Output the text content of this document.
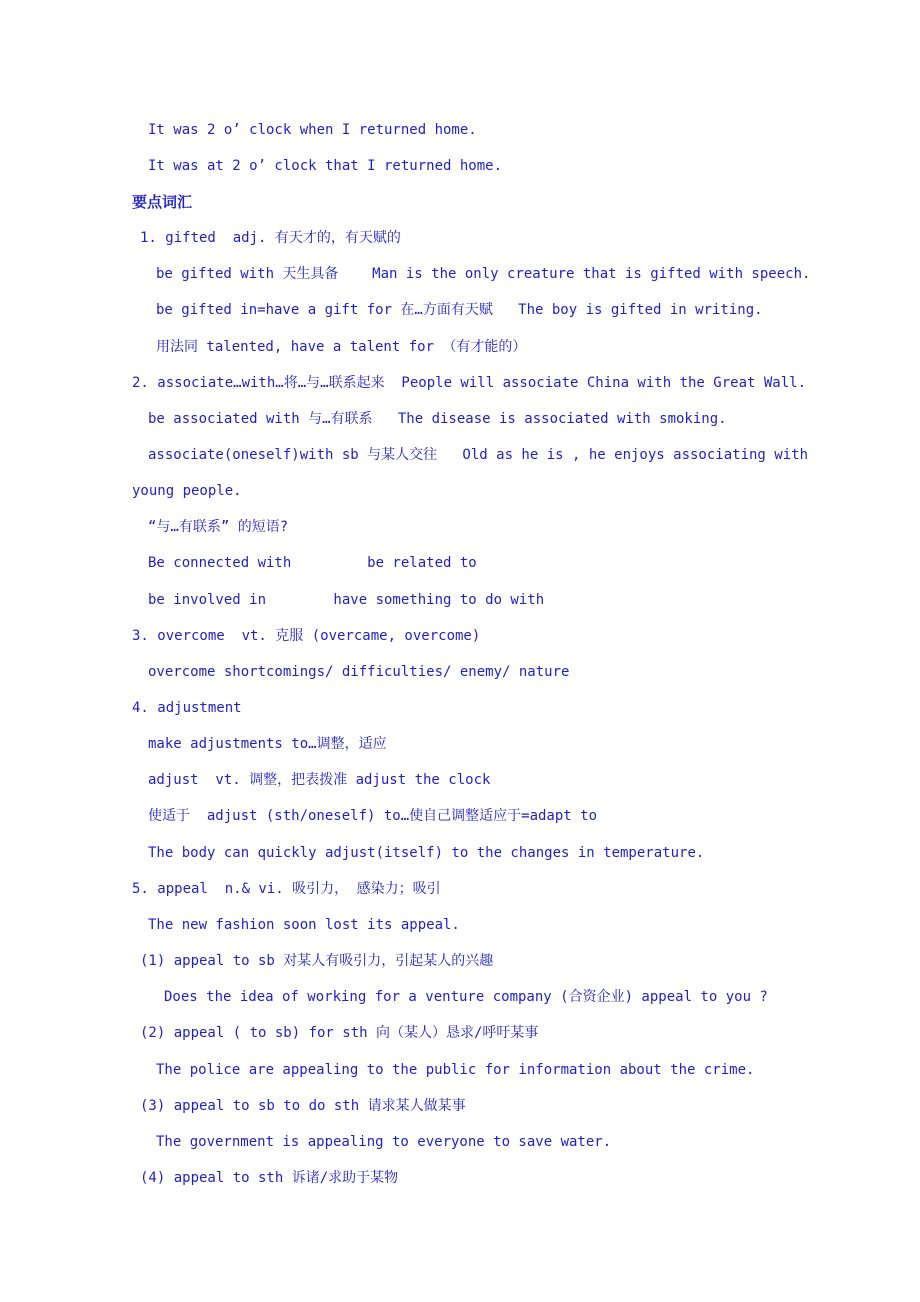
It was 2 o’ clock when I returned home.
It was at 2 o’ clock that I returned home.
要点词汇
1. gifted  adj. 有天才的，有天赋的
be gifted with 天生具备    Man is the only creature that is gifted with speech.
be gifted in=have a gift for 在…方面有天赋   The boy is gifted in writing.
用法同 talented, have a talent for （有才能的）
2. associate…with…将…与…联系起来  People will associate China with the Great Wall.
be associated with 与…有联系   The disease is associated with smoking.
associate(oneself)with sb 与某人交往   Old as he is , he enjoys associating with
young people.
“与…有联系” 的短语?
Be connected with         be related to
be involved in        have something to do with
3. overcome  vt. 克服 (overcame, overcome)
overcome shortcomings/ difficulties/ enemy/ nature
4. adjustment
make adjustments to…调整，适应
adjust  vt. 调整，把表拨准 adjust the clock
使适于  adjust (sth/oneself) to…使自己调整适应于=adapt to
The body can quickly adjust(itself) to the changes in temperature.
5. appeal  n.& vi. 吸引力， 感染力；吸引
The new fashion soon lost its appeal.
(1) appeal to sb 对某人有吸引力，引起某人的兴趣
Does the idea of working for a venture company (合资企业) appeal to you ?
(2) appeal ( to sb) for sth 向（某人）恳求/呼吁某事
The police are appealing to the public for information about the crime.
(3) appeal to sb to do sth 请求某人做某事
The government is appealing to everyone to save water.
(4) appeal to sth 诉诸/求助于某物
